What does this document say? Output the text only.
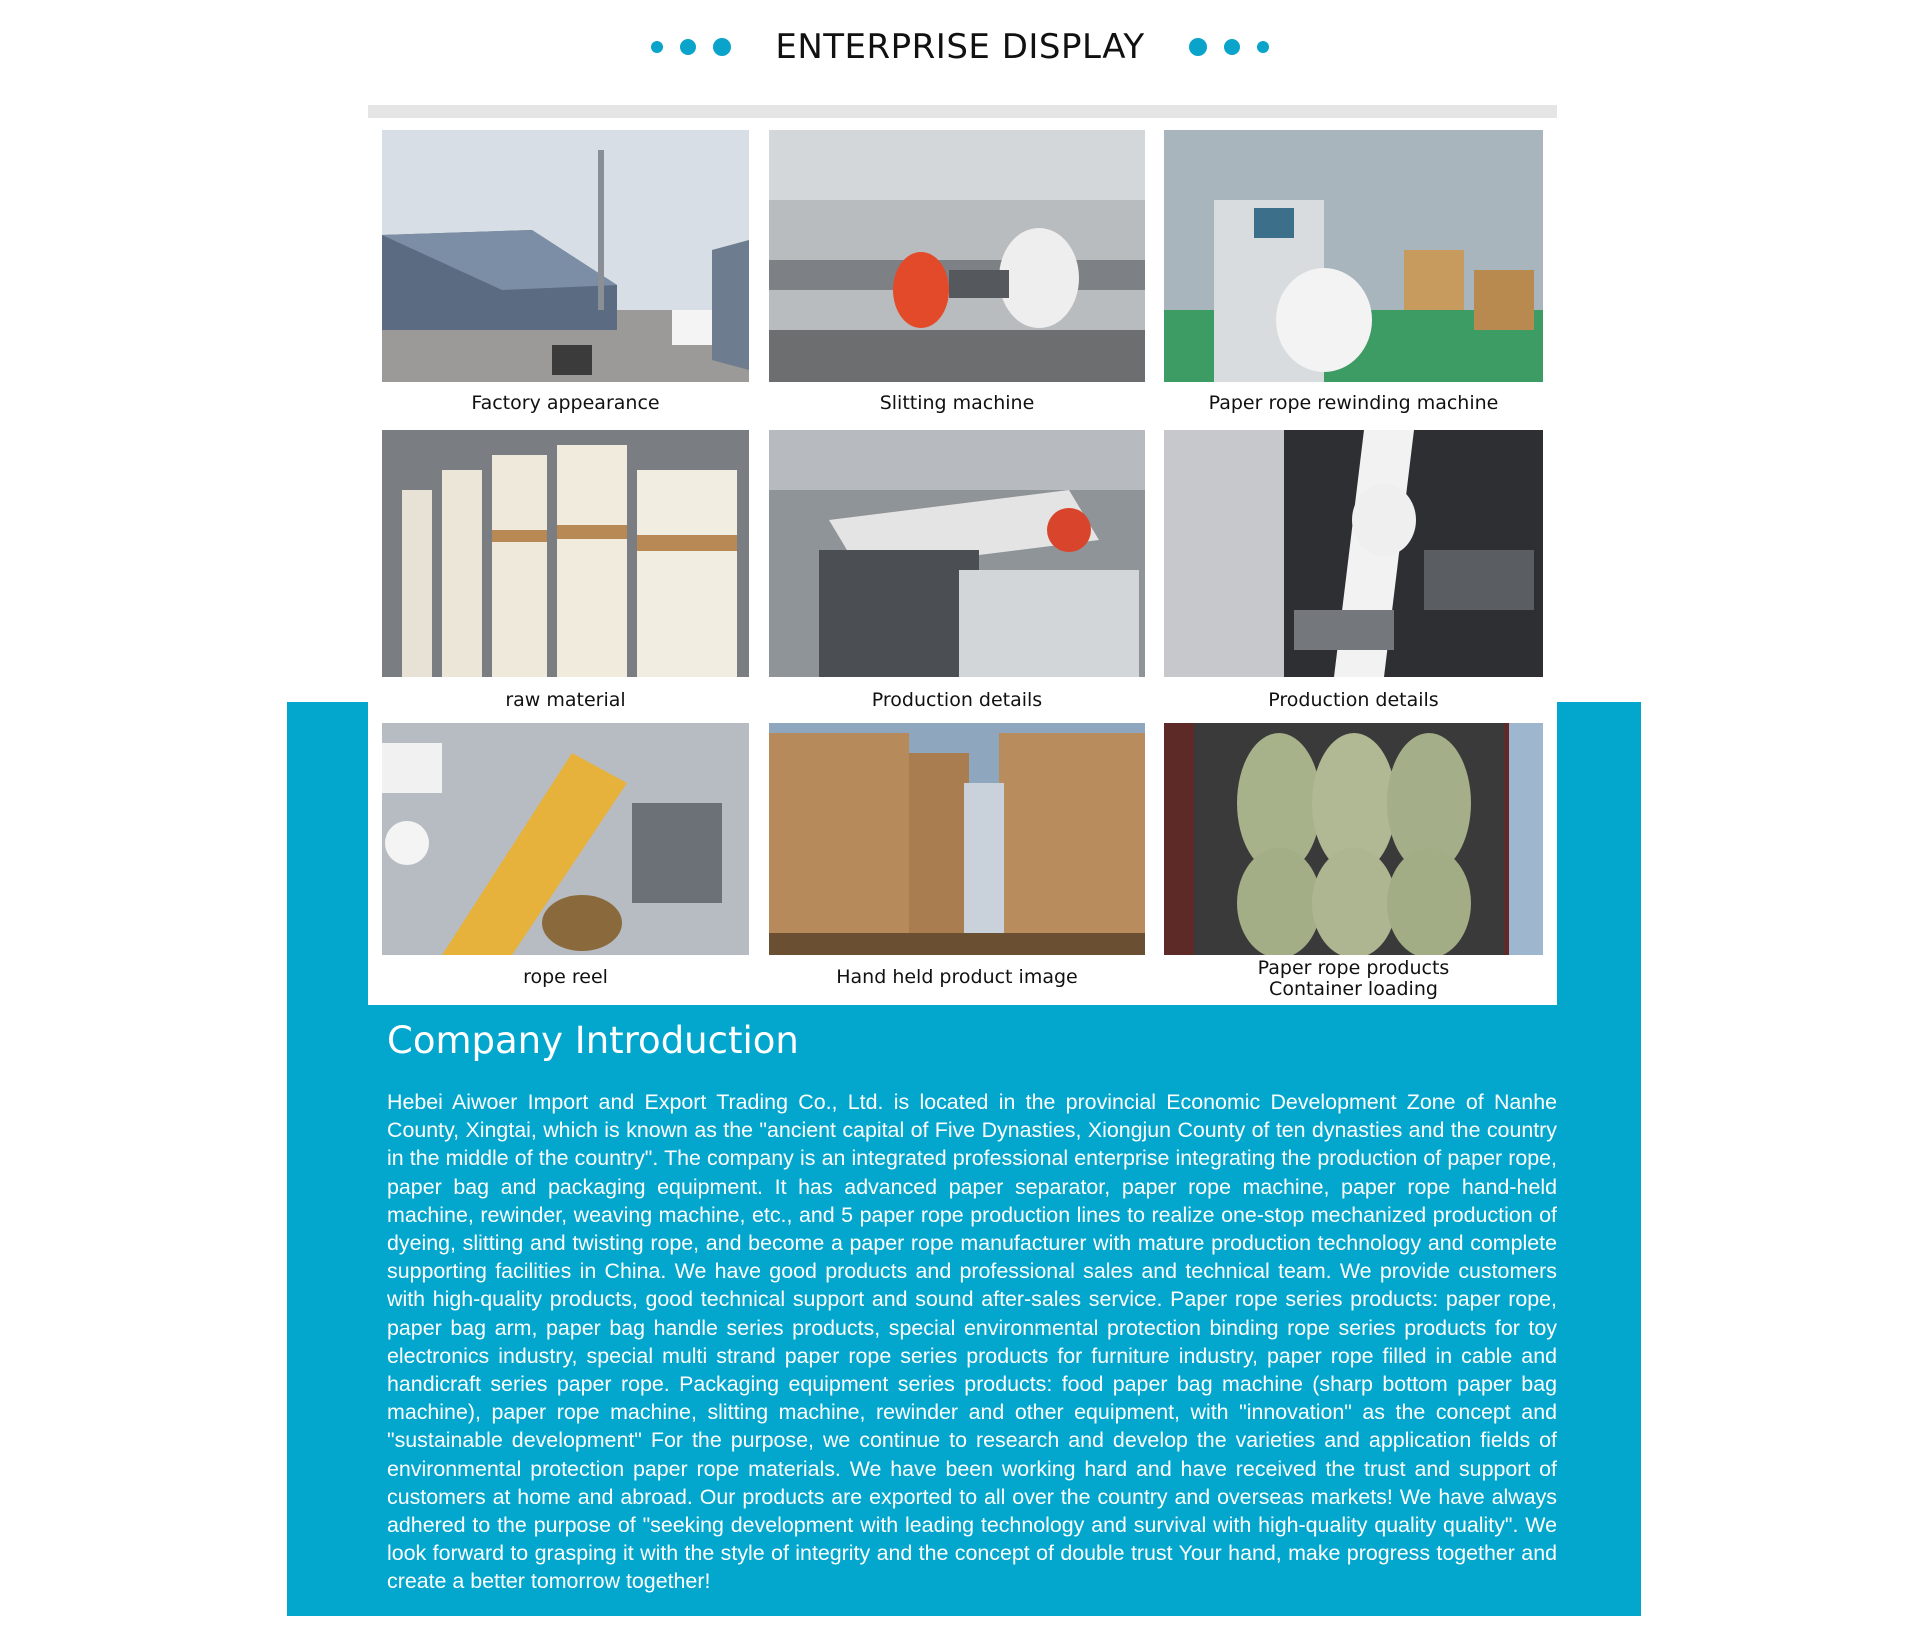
ENTERPRISE DISPLAY
Factory appearance	Slitting machine	Paper rope rewinding machine
raw material	Production details	Production details
rope reel	Hand held product image	Paper rope products
Container loading
Company Introduction

Hebei Aiwoer Import and Export Trading Co., Ltd. is located in the provincial Economic Development Zone of Nanhe County, Xingtai, which is known as the "ancient capital of Five Dynasties, Xiongjun County of ten dynasties and the country in the middle of the country". The company is an integrated professional enterprise integrating the production of paper rope, paper bag and packaging equipment. It has advanced paper separator, paper rope machine, paper rope hand-held machine, rewinder, weaving machine, etc., and 5 paper rope production lines to realize one-stop mechanized production of dyeing, slitting and twisting rope, and become a paper rope manufacturer with mature production technology and complete supporting facilities in China. We have good products and professional sales and technical team. We provide customers with high-quality products, good technical support and sound after-sales service. Paper rope series products: paper rope, paper bag arm, paper bag handle series products, special environmental protection binding rope series products for toy electronics industry, special multi strand paper rope series products for furniture industry, paper rope filled in cable and handicraft series paper rope. Packaging equipment series products: food paper bag machine (sharp bottom paper bag machine), paper rope machine, slitting machine, rewinder and other equipment, with "innovation" as the concept and "sustainable development" For the purpose, we continue to research and develop the varieties and application fields of environmental protection paper rope materials. We have been working hard and have received the trust and support of customers at home and abroad. Our products are exported to all over the country and overseas markets! We have always adhered to the purpose of "seeking development with leading technology and survival with high-quality quality quality". We look forward to grasping it with the style of integrity and the concept of double trust Your hand, make progress together and create a better tomorrow together!
